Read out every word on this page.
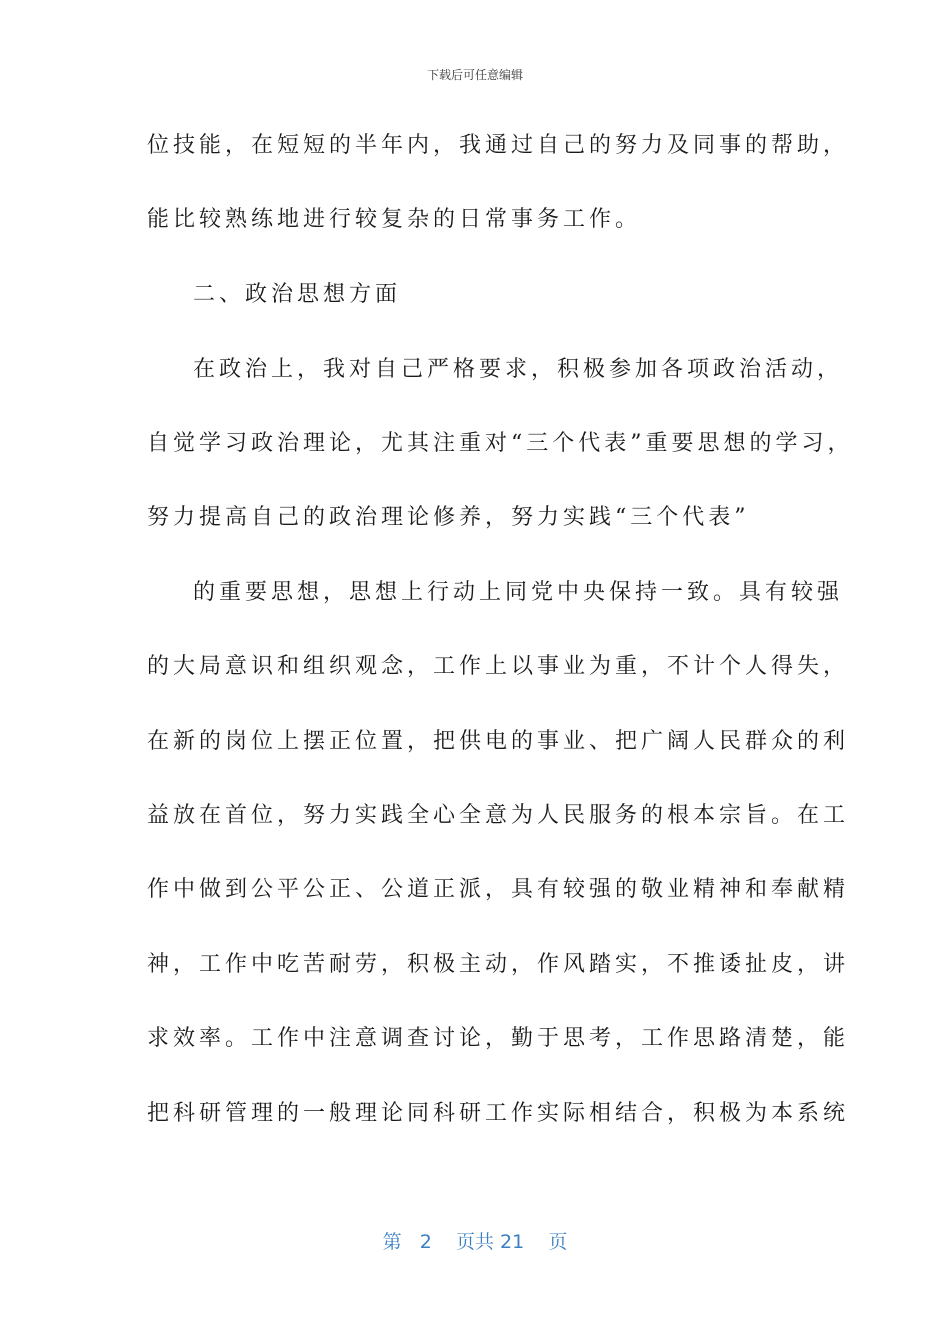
下载后可任意编辑
位技能，在短短的半年内，我通过自己的努力及同事的帮助，
能比较熟练地进行较复杂的日常事务工作。
二、政治思想方面
在政治上，我对自己严格要求，积极参加各项政治活动，
自觉学习政治理论，尤其注重对“三个代表”重要思想的学习，
努力提高自己的政治理论修养，努力实践“三个代表”
的重要思想，思想上行动上同党中央保持一致。具有较强
的大局意识和组织观念，工作上以事业为重，不计个人得失，
在新的岗位上摆正位置，把供电的事业、把广阔人民群众的利
益放在首位，努力实践全心全意为人民服务的根本宗旨。在工
作中做到公平公正、公道正派，具有较强的敬业精神和奉献精
神，工作中吃苦耐劳，积极主动，作风踏实，不推诿扯皮，讲
求效率。工作中注意调查讨论，勤于思考，工作思路清楚，能
把科研管理的一般理论同科研工作实际相结合，积极为本系统
第 2 页共 21 页
